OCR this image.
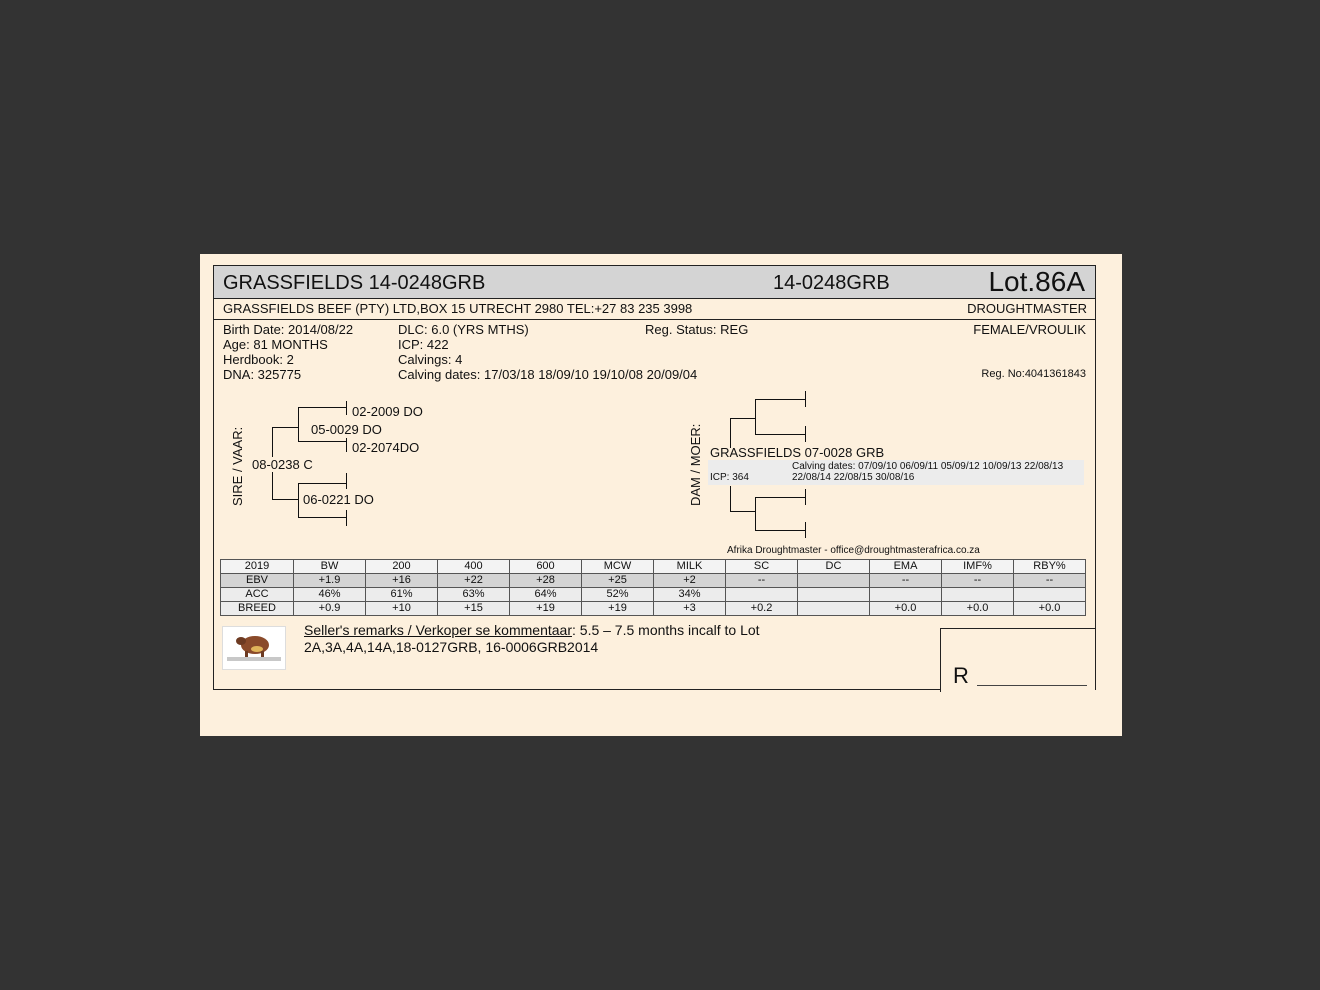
GRASSFIELDS 14-0248GRB	14-0248GRB	Lot.86A
GRASSFIELDS BEEF (PTY) LTD,BOX 15 UTRECHT 2980 TEL:+27 83 235 3998	DROUGHTMASTER
Birth Date: 2014/08/22
Age: 81 MONTHS
Herdbook: 2
DNA: 325775
DLC: 6.0 (YRS MTHS)
ICP: 422
Calvings: 4
Calving dates: 17/03/18 18/09/10 19/10/08 20/09/04
Reg. Status: REG	FEMALE/VROULIK
Reg. No:4041361843
SIRE / VAAR:
02-2009 DO
05-0029 DO
02-2074DO
08-0238 C
06-0221 DO	DAM / MOER: GRASSFIELDS 07-0028 GRB
Calving dates: 07/09/10 06/09/11 05/09/12 10/09/13 22/08/13
22/08/14 22/08/15 30/08/16
ICP: 364
Afrika Droughtmaster - office@droughtmasterafrica.co.za
2019	BW	200	400	600	MCW	MILK	SC	DC	EMA	IMF%	RBY%
EBV	+1.9	+16	+22	+28	+25	+2	--		--	--	--
ACC	46%	61%	63%	64%	52%	34%					
BREED	+0.9	+10	+15	+19	+19	+3	+0.2		+0.0	+0.0	+0.0
Seller's remarks / Verkoper se kommentaar: 5.5 – 7.5 months incalf to Lot 2A,3A,4A,14A,18-0127GRB, 16-0006GRB2014
R
